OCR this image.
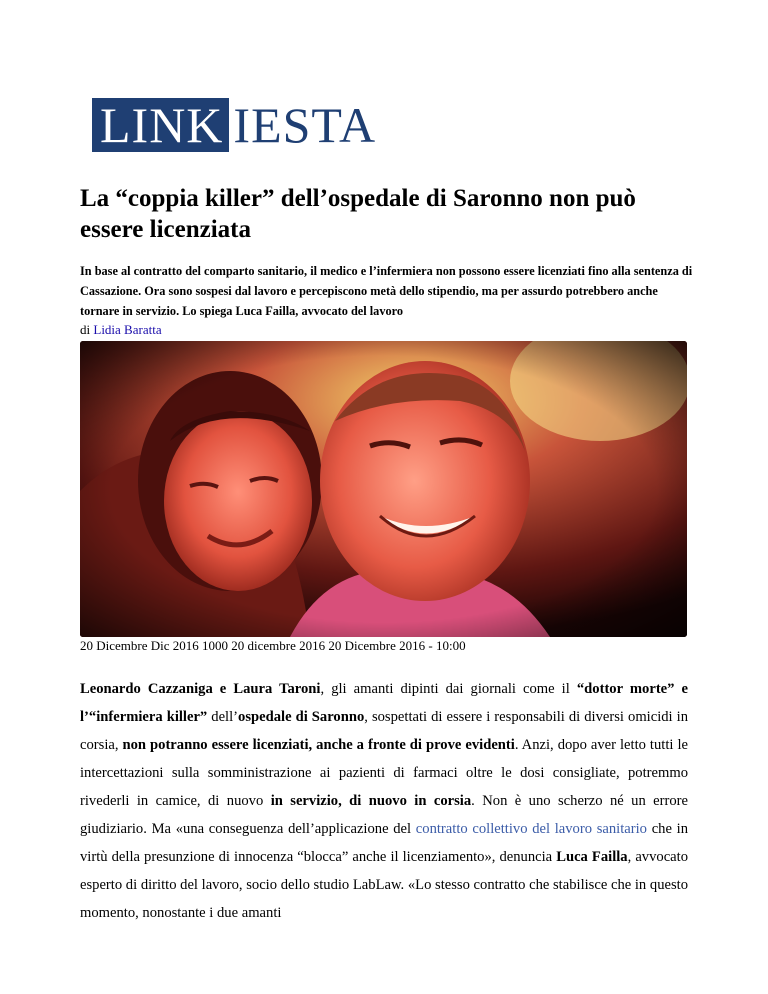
LINK IESTA
La “coppia killer” dell’ospedale di Saronno non può essere licenziata

In base al contratto del comparto sanitario, il medico e l’infermiera non possono essere licenziati fino alla sentenza di Cassazione. Ora sono sospesi dal lavoro e percepiscono metà dello stipendio, ma per assurdo potrebbero anche tornare in servizio. Lo spiega Luca Failla, avvocato del lavoro

di Lidia Baratta
20 Dicembre Dic 2016 1000 20 dicembre 2016 20 Dicembre 2016 - 10:00

Leonardo Cazzaniga e Laura Taroni, gli amanti dipinti dai giornali come il “dottor morte” e l’“infermiera killer” dell’ospedale di Saronno, sospettati di essere i responsabili di diversi omicidi in corsia, non potranno essere licenziati, anche a fronte di prove evidenti. Anzi, dopo aver letto tutti le intercettazioni sulla somministrazione ai pazienti di farmaci oltre le dosi consigliate, potremmo rivederli in camice, di nuovo in servizio, di nuovo in corsia. Non è uno scherzo né un errore giudiziario. Ma «una conseguenza dell’applicazione del contratto collettivo del lavoro sanitario che in virtù della presunzione di innocenza “blocca” anche il licenziamento», denuncia Luca Failla, avvocato esperto di diritto del lavoro, socio dello studio LabLaw. «Lo stesso contratto che stabilisce che in questo momento, nonostante i due amanti
